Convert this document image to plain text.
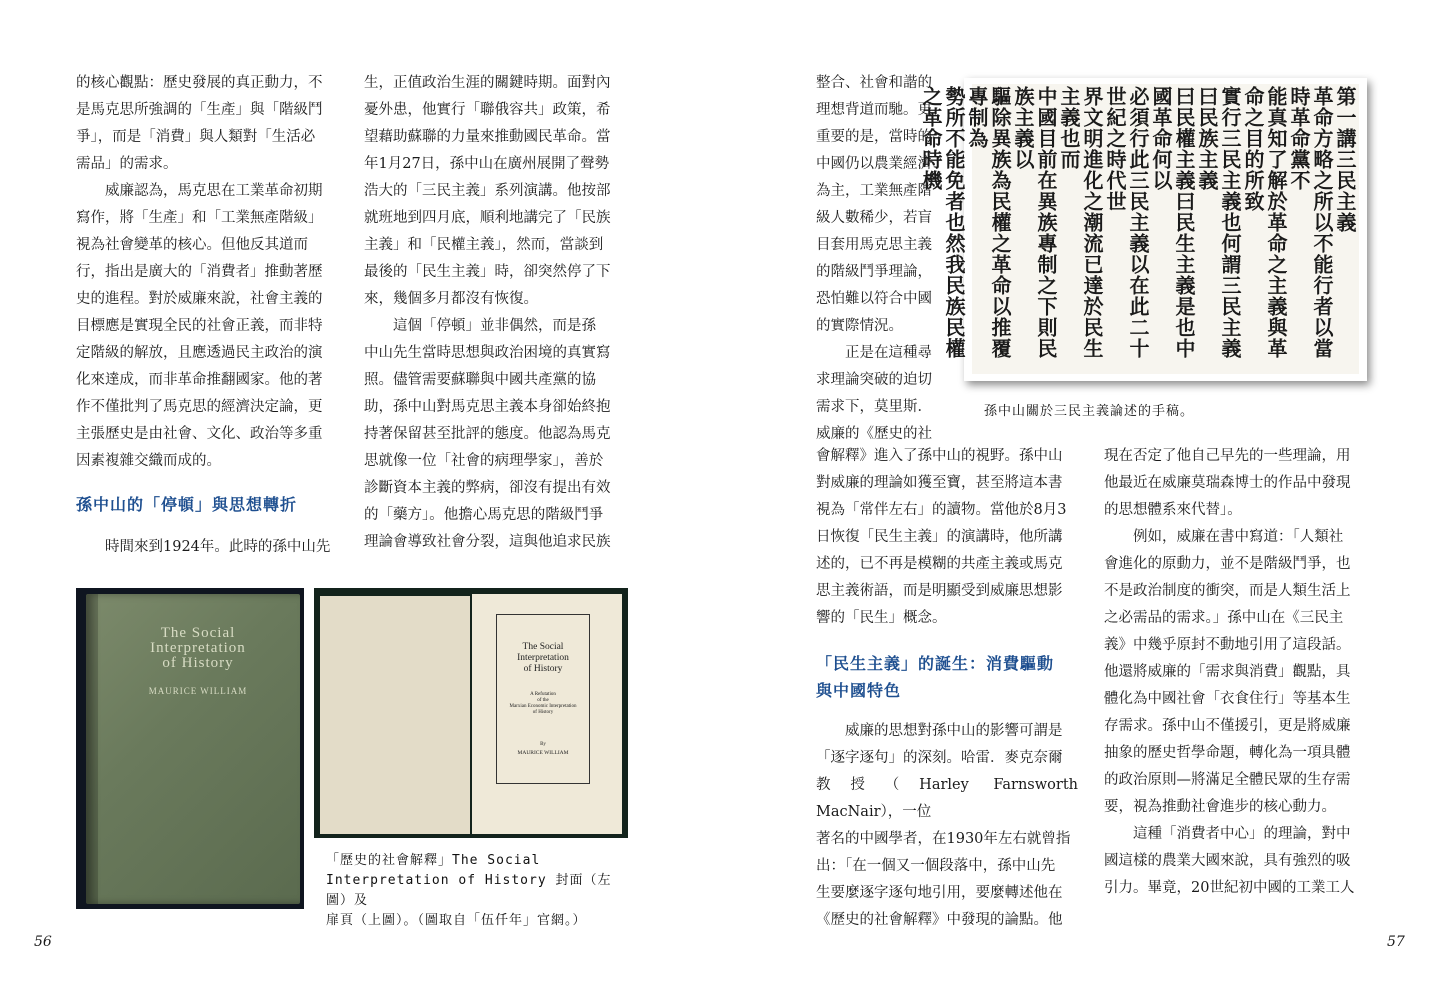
的核心觀點：歷史發展的真正動力，不
是馬克思所強調的「生產」與「階級鬥
爭」，而是「消費」與人類對「生活必
需品」的需求。

威廉認為，馬克思在工業革命初期
寫作，將「生產」和「工業無產階級」
視為社會變革的核心。但他反其道而
行，指出是廣大的「消費者」推動著歷
史的進程。對於威廉來說，社會主義的
目標應是實現全民的社會正義，而非特
定階級的解放，且應透過民主政治的演
化來達成，而非革命推翻國家。他的著
作不僅批判了馬克思的經濟決定論，更
主張歷史是由社會、文化、政治等多重
因素複雜交織而成的。

孫中山的「停頓」與思想轉折

時間來到1924年。此時的孫中山先

生，正值政治生涯的關鍵時期。面對內
憂外患，他實行「聯俄容共」政策，希
望藉助蘇聯的力量來推動國民革命。當
年1月27日，孫中山在廣州展開了聲勢
浩大的「三民主義」系列演講。他按部
就班地到四月底，順利地講完了「民族
主義」和「民權主義」，然而，當談到
最後的「民生主義」時，卻突然停了下
來，幾個多月都沒有恢復。

這個「停頓」並非偶然，而是孫
中山先生當時思想與政治困境的真實寫
照。儘管需要蘇聯與中國共產黨的協
助，孫中山對馬克思主義本身卻始終抱
持著保留甚至批評的態度。他認為馬克
思就像一位「社會的病理學家」，善於
診斷資本主義的弊病，卻沒有提出有效
的「藥方」。他擔心馬克思的階級鬥爭
理論會導致社會分裂，這與他追求民族

The Social
Interpretation
of History
MAURICE WILLIAM
The Social
Interpretation
of History
A Refutation
of the
Marxian Economic Interpretation
of History
By
MAURICE WILLIAM
「歷史的社會解釋」The Social
Interpretation of History 封面（左圖）及
扉頁（上圖）。（圖取自「伍仟年」官網。）
56

整合、社會和諧的
理想背道而馳。更
重要的是，當時的
中國仍以農業經濟
為主，工業無產階
級人數稀少，若盲
目套用馬克思主義
的階級鬥爭理論，
恐怕難以符合中國
的實際情況。

正是在這種尋
求理論突破的迫切
需求下，莫里斯．
威廉的《歷史的社

第一講三民主義
革命方略之所以不能行者以當時革命黨不
能真知了解於革命之主義與革命之目的所致
實行三民主義也何謂三民主義曰民族主義
曰民權主義曰民生主義是也中國革命何以
必須行此三民主義以在此二十世紀之時代世
界文明進化之潮流已達於民生主義也而
中國目前在異族專制之下則民族主義以
驅除異族為民權之革命以推覆專制為
勢所不能免者也然我民族民權之革命時機
孫中山關於三民主義論述的手稿。

會解釋》進入了孫中山的視野。孫中山
對威廉的理論如獲至寶，甚至將這本書
視為「常伴左右」的讀物。當他於8月3
日恢復「民生主義」的演講時，他所講
述的，已不再是模糊的共產主義或馬克
思主義術語，而是明顯受到威廉思想影
響的「民生」概念。

「民生主義」的誕生：消費驅動
與中國特色

威廉的思想對孫中山的影響可謂是
「逐字逐句」的深刻。哈雷．麥克奈爾
教授（Harley Farnsworth MacNair），一位
著名的中國學者，在1930年左右就曾指
出：「在一個又一個段落中，孫中山先
生要麼逐字逐句地引用，要麼轉述他在
《歷史的社會解釋》中發現的論點。他

現在否定了他自己早先的一些理論，用
他最近在威廉莫瑞森博士的作品中發現
的思想體系來代替」。

例如，威廉在書中寫道：「人類社
會進化的原動力，並不是階級鬥爭，也
不是政治制度的衝突，而是人類生活上
之必需品的需求。」孫中山在《三民主
義》中幾乎原封不動地引用了這段話。
他還將威廉的「需求與消費」觀點，具
體化為中國社會「衣食住行」等基本生
存需求。孫中山不僅援引，更是將威廉
抽象的歷史哲學命題，轉化為一項具體
的政治原則—將滿足全體民眾的生存需
要，視為推動社會進步的核心動力。

這種「消費者中心」的理論，對中
國這樣的農業大國來說，具有強烈的吸
引力。畢竟，20世紀初中國的工業工人

57
